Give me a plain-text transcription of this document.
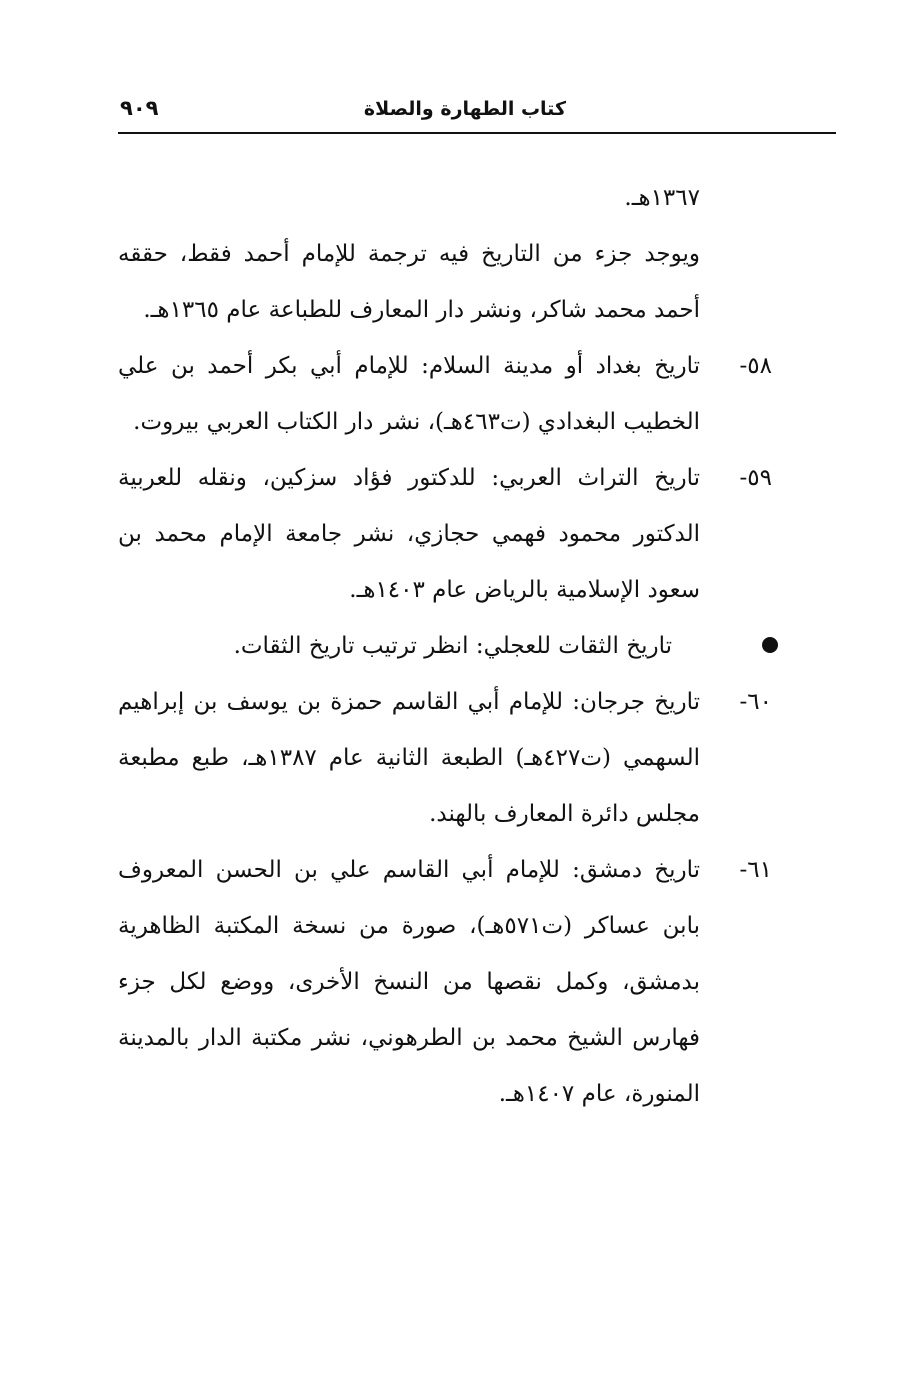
كتاب الطهارة والصلاة
٩٠٩

١٣٦٧هـ.

ويوجد جزء من التاريخ فيه ترجمة للإمام أحمد فقط، حققه أحمد محمد شاكر، ونشر دار المعارف للطباعة عام ١٣٦٥هـ.

٥٨-

تاريخ بغداد أو مدينة السلام: للإمام أبي بكر أحمد بن علي الخطيب البغدادي (ت٤٦٣هـ)، نشر دار الكتاب العربي بيروت.

٥٩-

تاريخ التراث العربي: للدكتور فؤاد سزكين، ونقله للعربية الدكتور محمود فهمي حجازي، نشر جامعة الإمام محمد بن سعود الإسلامية بالرياض عام ١٤٠٣هـ.

تاريخ الثقات للعجلي: انظر ترتيب تاريخ الثقات.
٦٠-

تاريخ جرجان: للإمام أبي القاسم حمزة بن يوسف بن إبراهيم السهمي (ت٤٢٧هـ) الطبعة الثانية عام ١٣٨٧هـ، طبع مطبعة مجلس دائرة المعارف بالهند.

٦١-

تاريخ دمشق: للإمام أبي القاسم علي بن الحسن المعروف بابن عساكر (ت٥٧١هـ)، صورة من نسخة المكتبة الظاهرية بدمشق، وكمل نقصها من النسخ الأخرى، ووضع لكل جزء فهارس الشيخ محمد بن الطرهوني، نشر مكتبة الدار بالمدينة المنورة، عام ١٤٠٧هـ.
